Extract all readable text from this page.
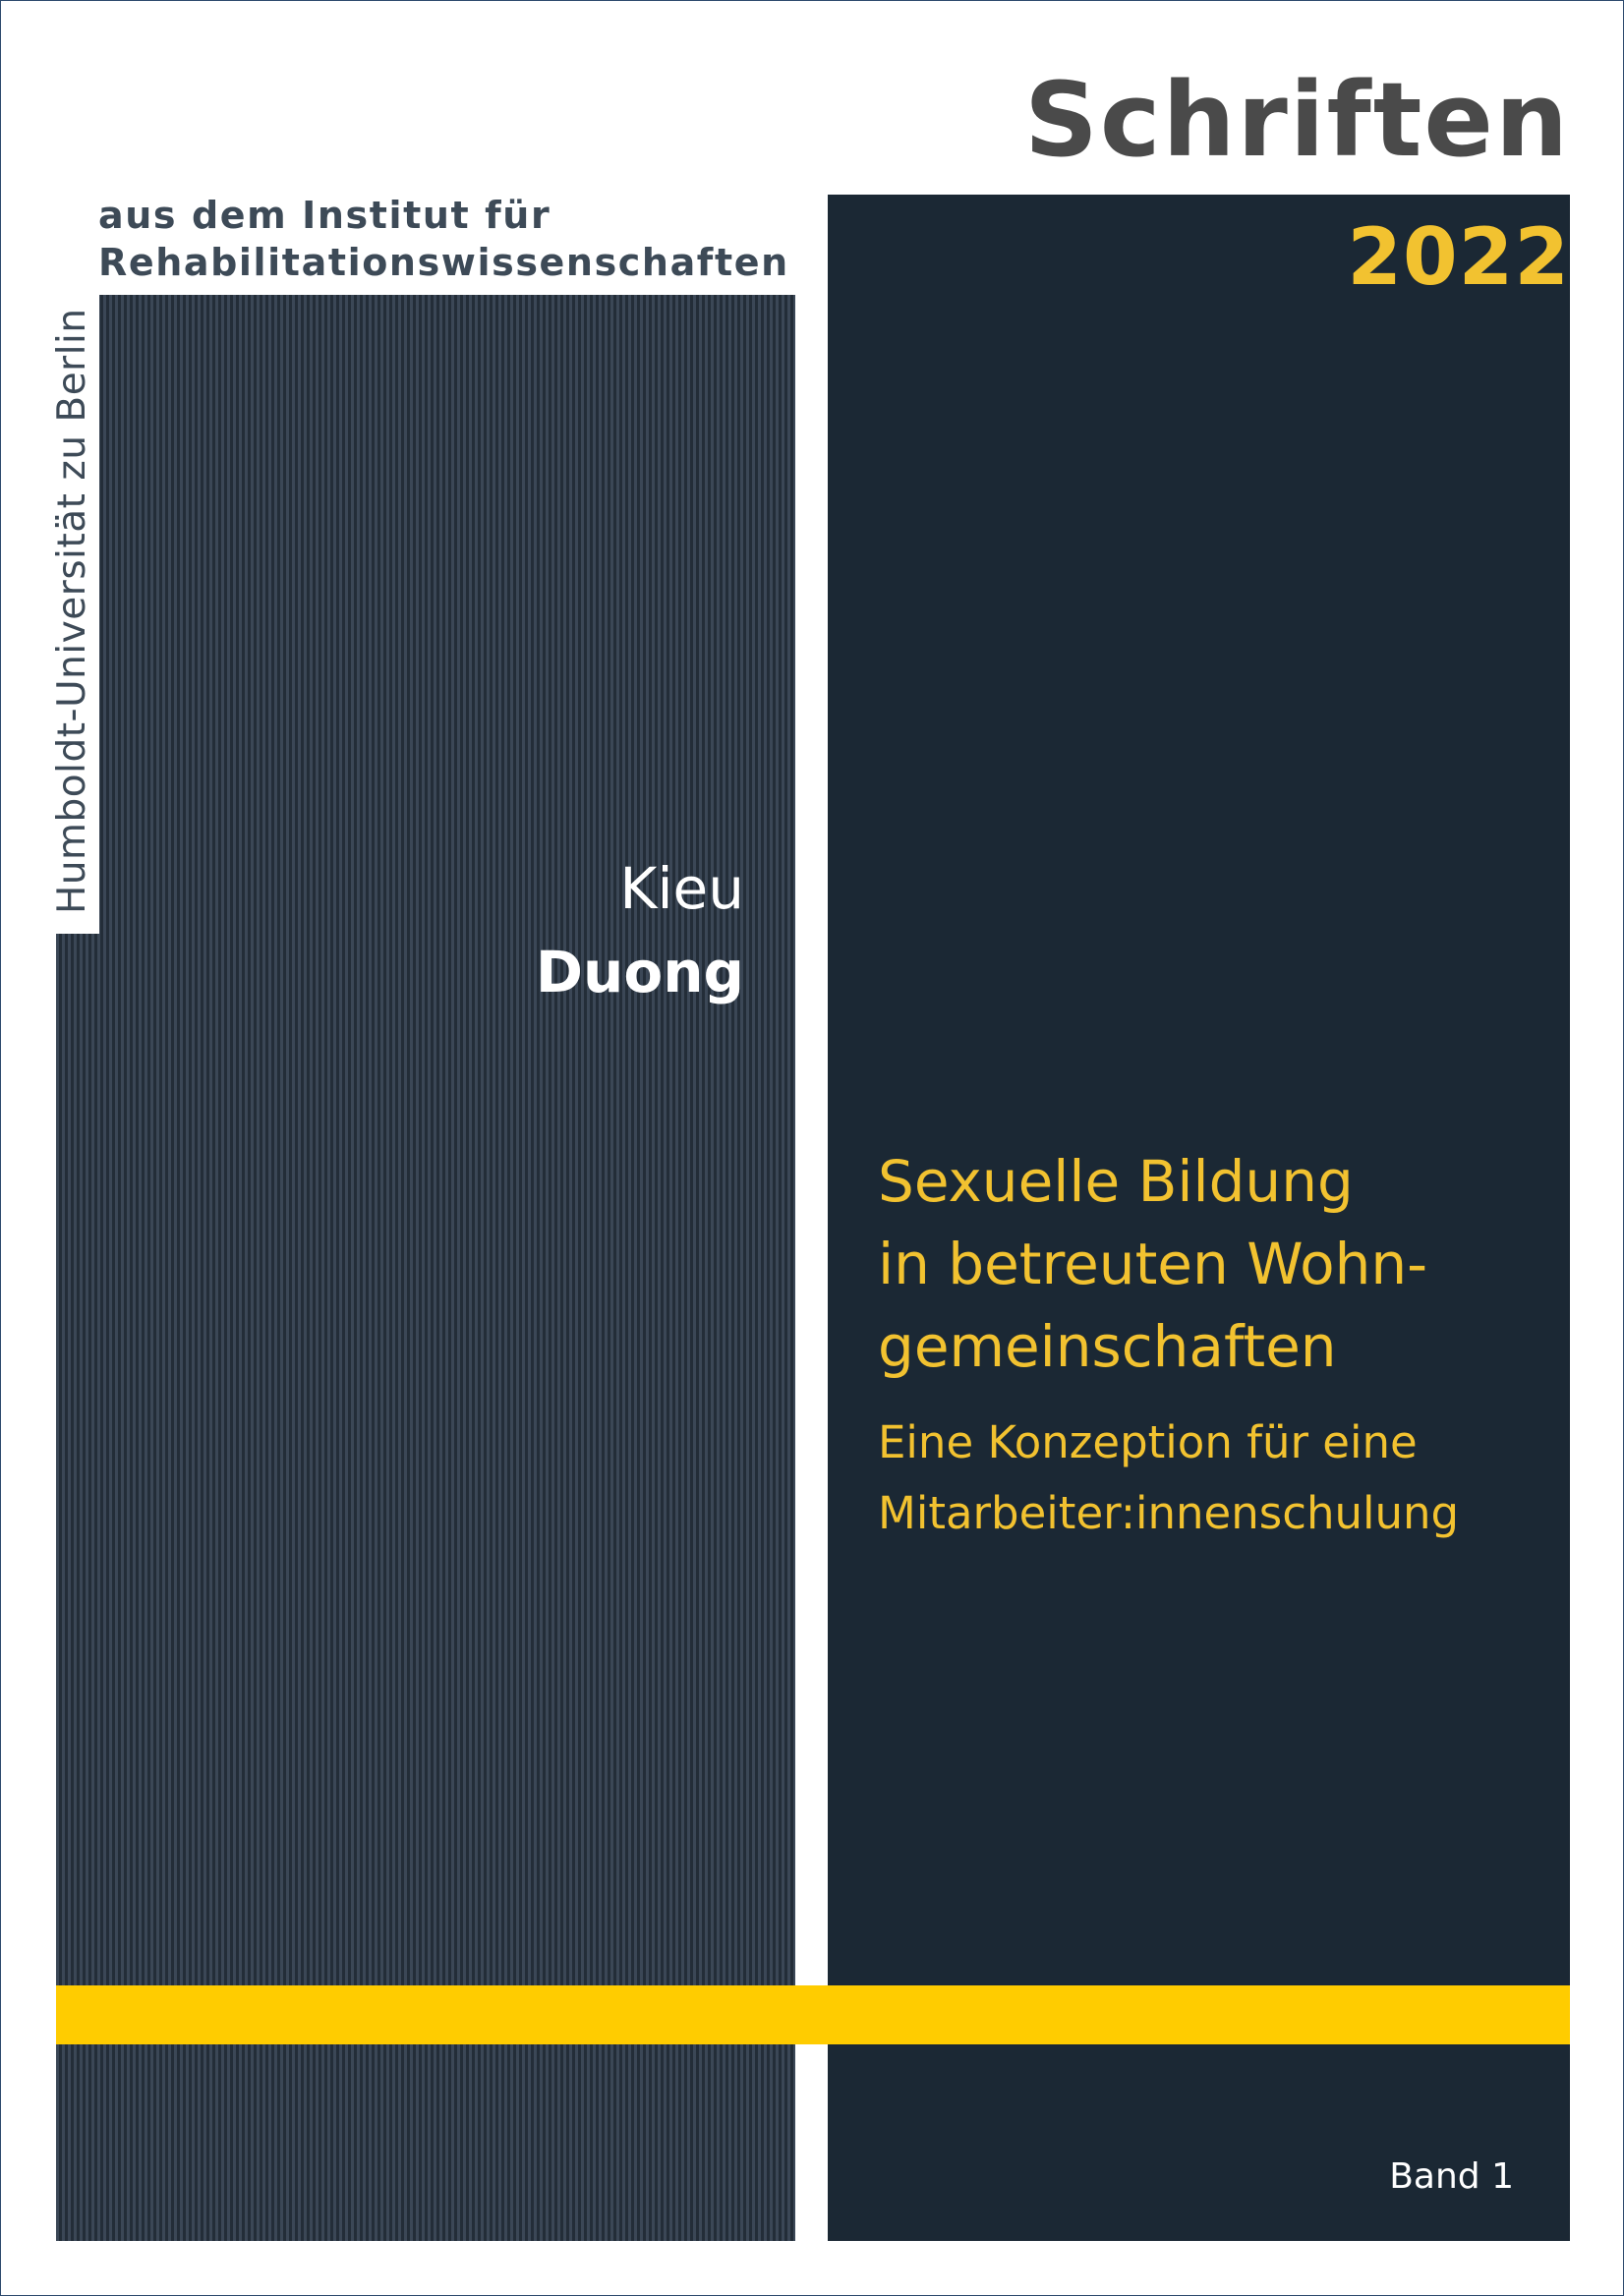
Schriften
aus dem Institut für
Rehabilitationswissenschaften	2022
Humboldt-Universität zu Berlin	Kieu
Duong
Sexuelle Bildung
in betreuten Wohn-
gemeinschaften
Eine Konzeption für eine
Mitarbeiter:innenschulung
Band 1
